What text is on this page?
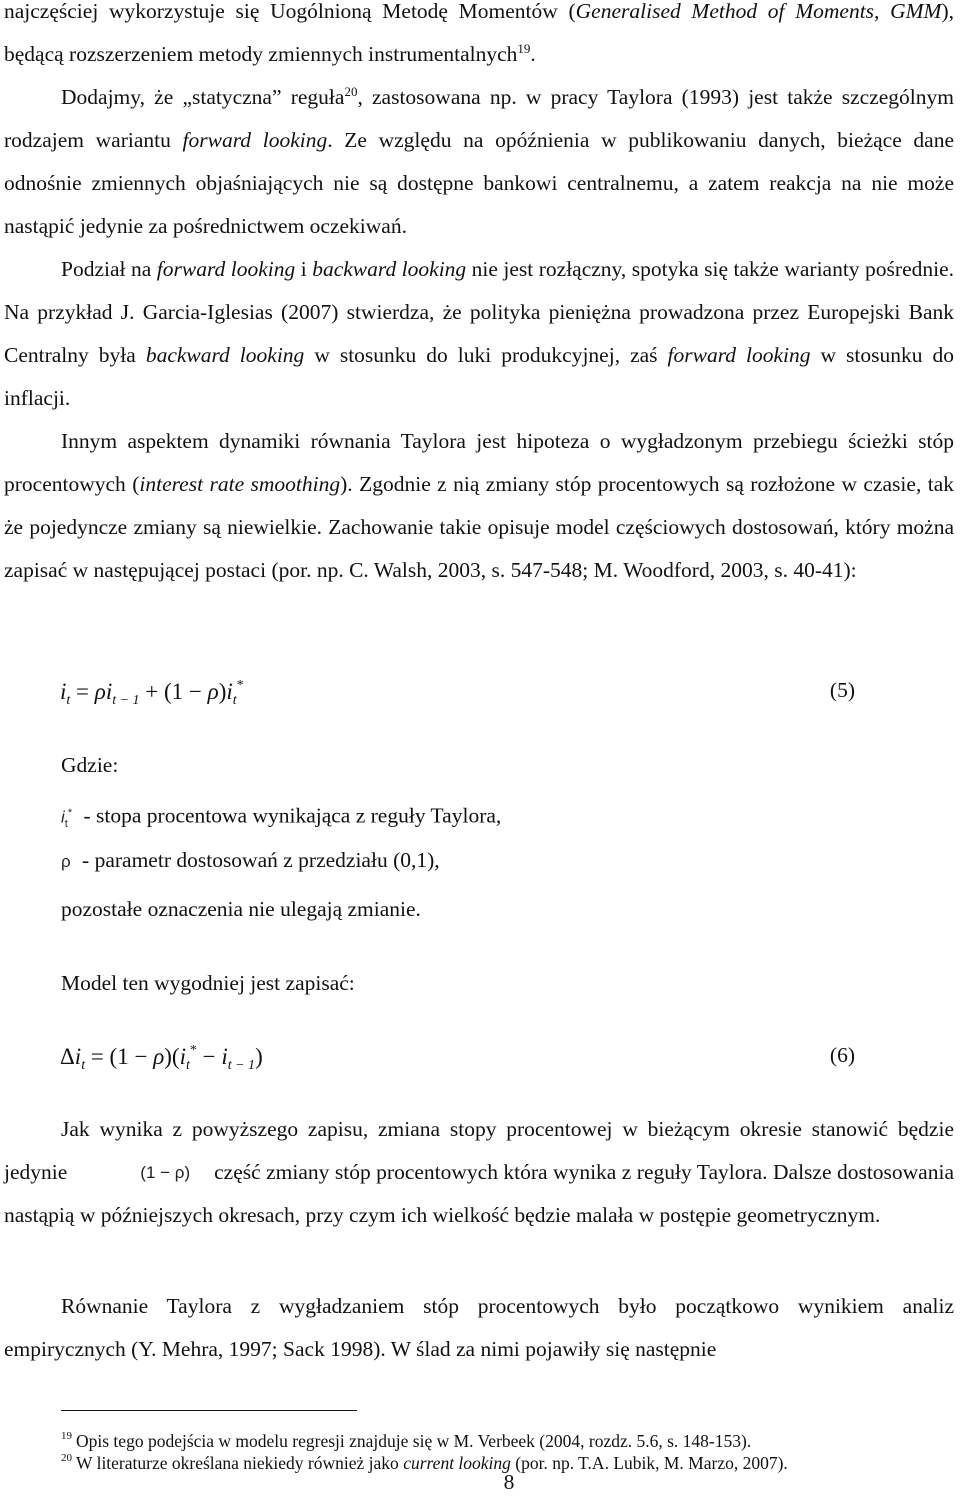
najczęściej wykorzystuje się Uogólnioną Metodę Momentów (Generalised Method of Moments, GMM), będącą rozszerzeniem metody zmiennych instrumentalnych$^{19}$.

Dodajmy, że „statyczna” reguła$^{20}$, zastosowana np. w pracy Taylora (1993) jest także szczególnym rodzajem wariantu forward looking. Ze względu na opóźnienia w publikowaniu danych, bieżące dane odnośnie zmiennych objaśniających nie są dostępne bankowi centralnemu, a zatem reakcja na nie może nastąpić jedynie za pośrednictwem oczekiwań.

Podział na forward looking i backward looking nie jest rozłączny, spotyka się także warianty pośrednie. Na przykład J. Garcia-Iglesias (2007) stwierdza, że polityka pieniężna prowadzona przez Europejski Bank Centralny była backward looking w stosunku do luki produkcyjnej, zaś forward looking w stosunku do inflacji.

Innym aspektem dynamiki równania Taylora jest hipoteza o wygładzonym przebiegu ścieżki stóp procentowych (interest rate smoothing). Zgodnie z nią zmiany stóp procentowych są rozłożone w czasie, tak że pojedyncze zmiany są niewielkie. Zachowanie takie opisuje model częściowych dostosowań, który można zapisać w następującej postaci (por. np. C. Walsh, 2003, s. 547-548; M. Woodford, 2003, s. 40-41):

$i_t = \rho i_{t - 1} + (1 - \rho)i_t^*$	(5)

Gdzie:

$i_t^*$ - stopa procentowa wynikająca z reguły Taylora,
ρ - parametr dostosowań z przedziału (0,1),

pozostałe oznaczenia nie ulegają zmianie.

Model ten wygodniej jest zapisać:

$\Delta i_t = (1 - \rho)(i_t^* - i_{t - 1})$	(6)

Jak wynika z powyższego zapisu, zmiana stopy procentowej w bieżącym okresie stanowić będzie jedynie	(1 − ρ) część zmiany stóp procentowych która wynika z reguły Taylora. Dalsze dostosowania nastąpią w późniejszych okresach, przy czym ich wielkość będzie malała w postępie geometrycznym.

Równanie Taylora z wygładzaniem stóp procentowych było początkowo wynikiem analiz empirycznych (Y. Mehra, 1997; Sack 1998). W ślad za nimi pojawiły się następnie

$^{19}$ Opis tego podejścia w modelu regresji znajduje się w M. Verbeek (2004, rozdz. 5.6, s. 148-153).
$^{20}$ W literaturze określana niekiedy również jako current looking (por. np. T.A. Lubik, M. Marzo, 2007).
8
